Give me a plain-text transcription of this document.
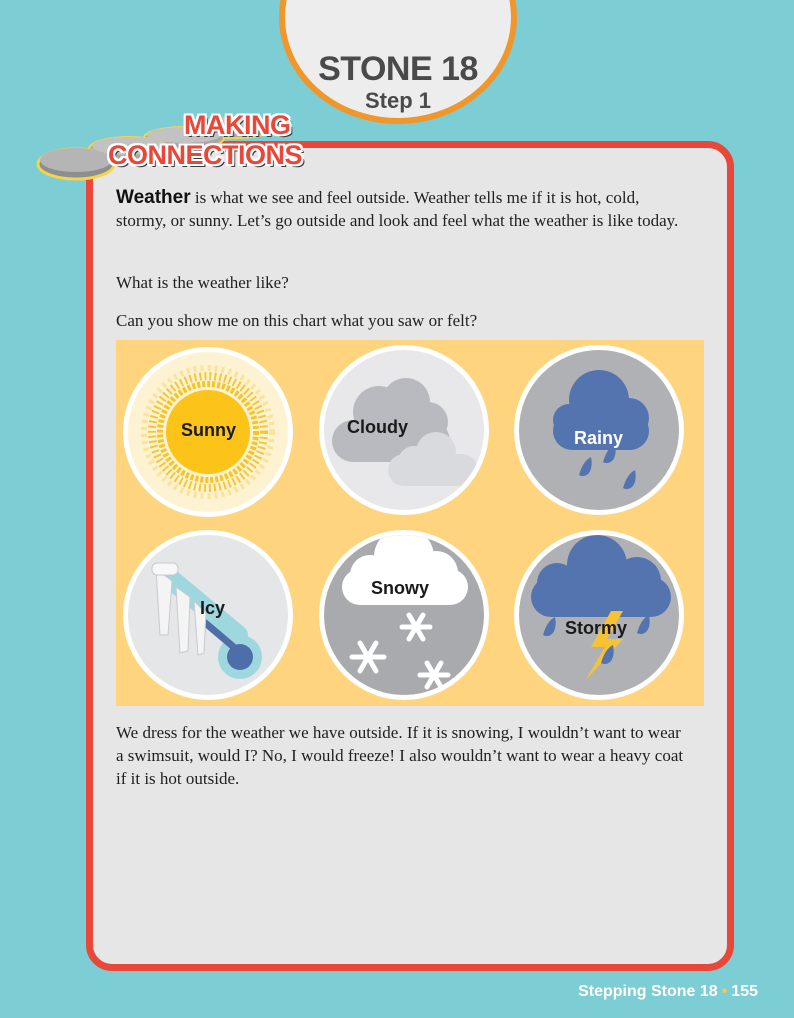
STONE 18
Step 1
MAKING
CONNECTIONS
Weather is what we see and feel outside. Weather tells me if it is hot, cold, stormy, or sunny. Let’s go outside and look and feel what the weather is like today.
What is the weather like?
Can you show me on this chart what you saw or felt?
Sunny	Cloudy
Rainy
Icy
Snowy
Stormy
We dress for the weather we have outside. If it is snowing, I wouldn’t want to wear a swimsuit, would I? No, I would freeze! I also wouldn’t want to wear a heavy coat if it is hot outside.
Stepping Stone 18 • 155
